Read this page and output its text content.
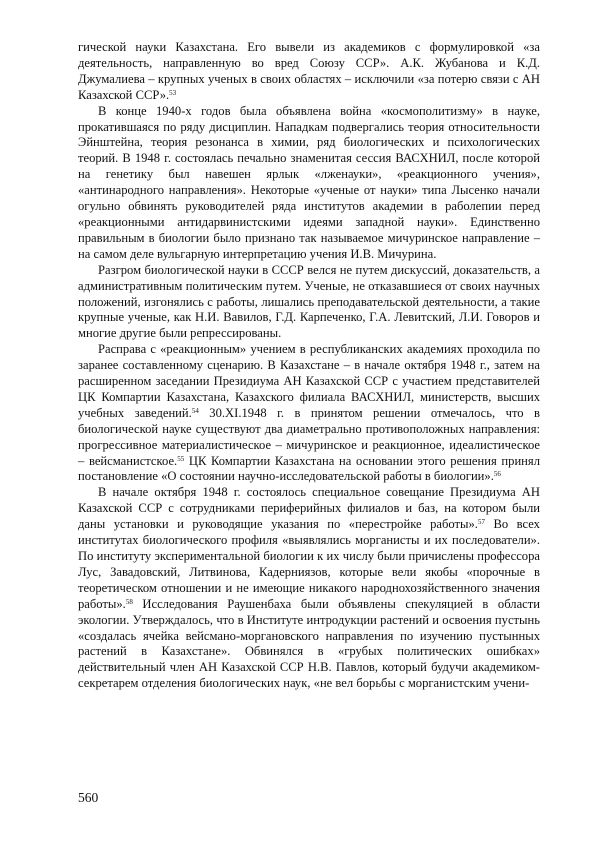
гической науки Казахстана. Его вывели из академиков с формулировкой «за деятельность, направленную во вред Союзу ССР». А.К. Жубанова и К.Д. Джумалиева – крупных ученых в своих областях – исключили «за потерю связи с АН Казахской ССР».$^{53}$

В конце 1940-х годов была объявлена война «космополитизму» в науке, прокатившаяся по ряду дисциплин. Нападкам подвергались теория относительности Эйнштейна, теория резонанса в химии, ряд биологических и психологических теорий. В 1948 г. состоялась печально знаменитая сессия ВАСХНИЛ, после которой на генетику был навешен ярлык «лженауки», «реакционного учения», «антинародного направления». Некоторые «ученые от науки» типа Лысенко начали огульно обвинять руководителей ряда институтов академии в раболепии перед «реакционными антидарвинистскими идеями западной науки». Единственно правильным в биологии было признано так называемое мичуринское направление – на самом деле вульгарную интерпретацию учения И.В. Мичурина.

Разгром биологической науки в СССР велся не путем дискуссий, доказательств, а административным политическим путем. Ученые, не отказавшиеся от своих научных положений, изгонялись с работы, лишались преподавательской деятельности, а такие крупные ученые, как Н.И. Вавилов, Г.Д. Карпеченко, Г.А. Левитский, Л.И. Говоров и многие другие были репрессированы.

Расправа с «реакционным» учением в республиканских академиях проходила по заранее составленному сценарию. В Казахстане – в начале октября 1948 г., затем на расширенном заседании Президиума АН Казахской ССР с участием представителей ЦК Компартии Казахстана, Казахского филиала ВАСХНИЛ, министерств, высших учебных заведений.$^{54}$ 30.XI.1948 г. в принятом решении отмечалось, что в биологической науке существуют два диаметрально противоположных направления: прогрессивное материалистическое – мичуринское и реакционное, идеалистическое – вейсманистское.$^{55}$ ЦК Компартии Казахстана на основании этого решения принял постановление «О состоянии научно-исследовательской работы в биологии».$^{56}$

В начале октября 1948 г. состоялось специальное совещание Президиума АН Казахской ССР с сотрудниками периферийных филиалов и баз, на котором были даны установки и руководящие указания по «перестройке работы».$^{57}$ Во всех институтах биологического профиля «выявлялись морганисты и их последователи». По институту экспериментальной биологии к их числу были причислены профессора Лус, Завадовский, Литвинова, Кадерниязов, которые вели якобы «порочные в теоретическом отношении и не имеющие никакого народнохозяйственного значения работы».$^{58}$ Исследования Раушенбаха были объявлены спекуляцией в области экологии. Утверждалось, что в Институте интродукции растений и освоения пустынь «создалась ячейка вейсмано-моргановского направления по изучению пустынных растений в Казахстане». Обвинялся в «грубых политических ошибках» действительный член АН Казахской ССР Н.В. Павлов, который будучи академиком-секретарем отделения биологических наук, «не вел борьбы с морганистским учени-

560
